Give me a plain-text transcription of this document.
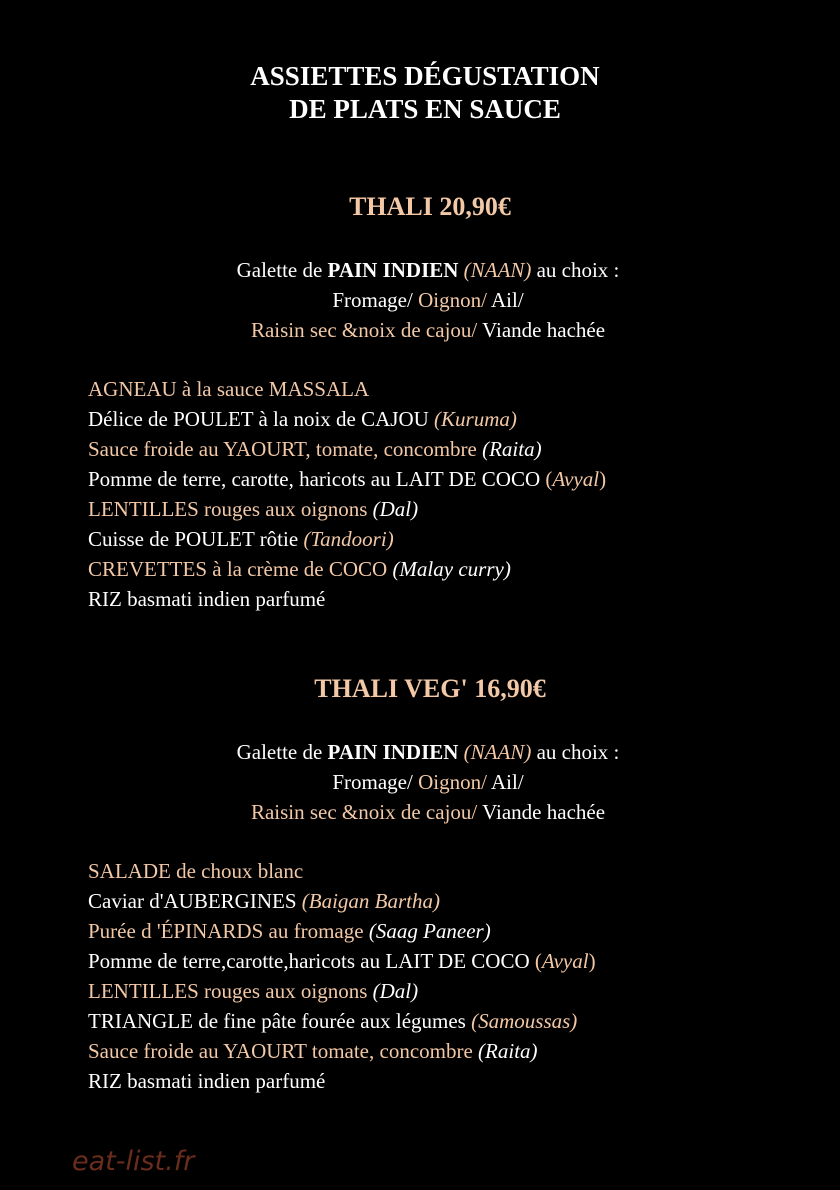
ASSIETTES DÉGUSTATION
DE PLATS EN SAUCE
THALI 20,90€
Galette de PAIN INDIEN (NAAN) au choix :
Fromage/ Oignon/ Ail/
Raisin sec &noix de cajou/ Viande hachée
AGNEAU à la sauce MASSALA
Délice de POULET à la noix de CAJOU (Kuruma)
Sauce froide au YAOURT, tomate, concombre (Raita)
Pomme de terre, carotte, haricots au LAIT DE COCO (Avyal)
LENTILLES rouges aux oignons (Dal)
Cuisse de POULET rôtie (Tandoori)
CREVETTES à la crème de COCO (Malay curry)
RIZ basmati indien parfumé
THALI VEG' 16,90€
Galette de PAIN INDIEN (NAAN) au choix :
Fromage/ Oignon/ Ail/
Raisin sec &noix de cajou/ Viande hachée
SALADE de choux blanc
Caviar d'AUBERGINES (Baigan Bartha)
Purée d 'ÉPINARDS au fromage (Saag Paneer)
Pomme de terre,carotte,haricots au LAIT DE COCO (Avyal)
LENTILLES rouges aux oignons (Dal)
TRIANGLE de fine pâte fourée aux légumes (Samoussas)
Sauce froide au YAOURT tomate, concombre (Raita)
RIZ basmati indien parfumé
eat-list.fr
